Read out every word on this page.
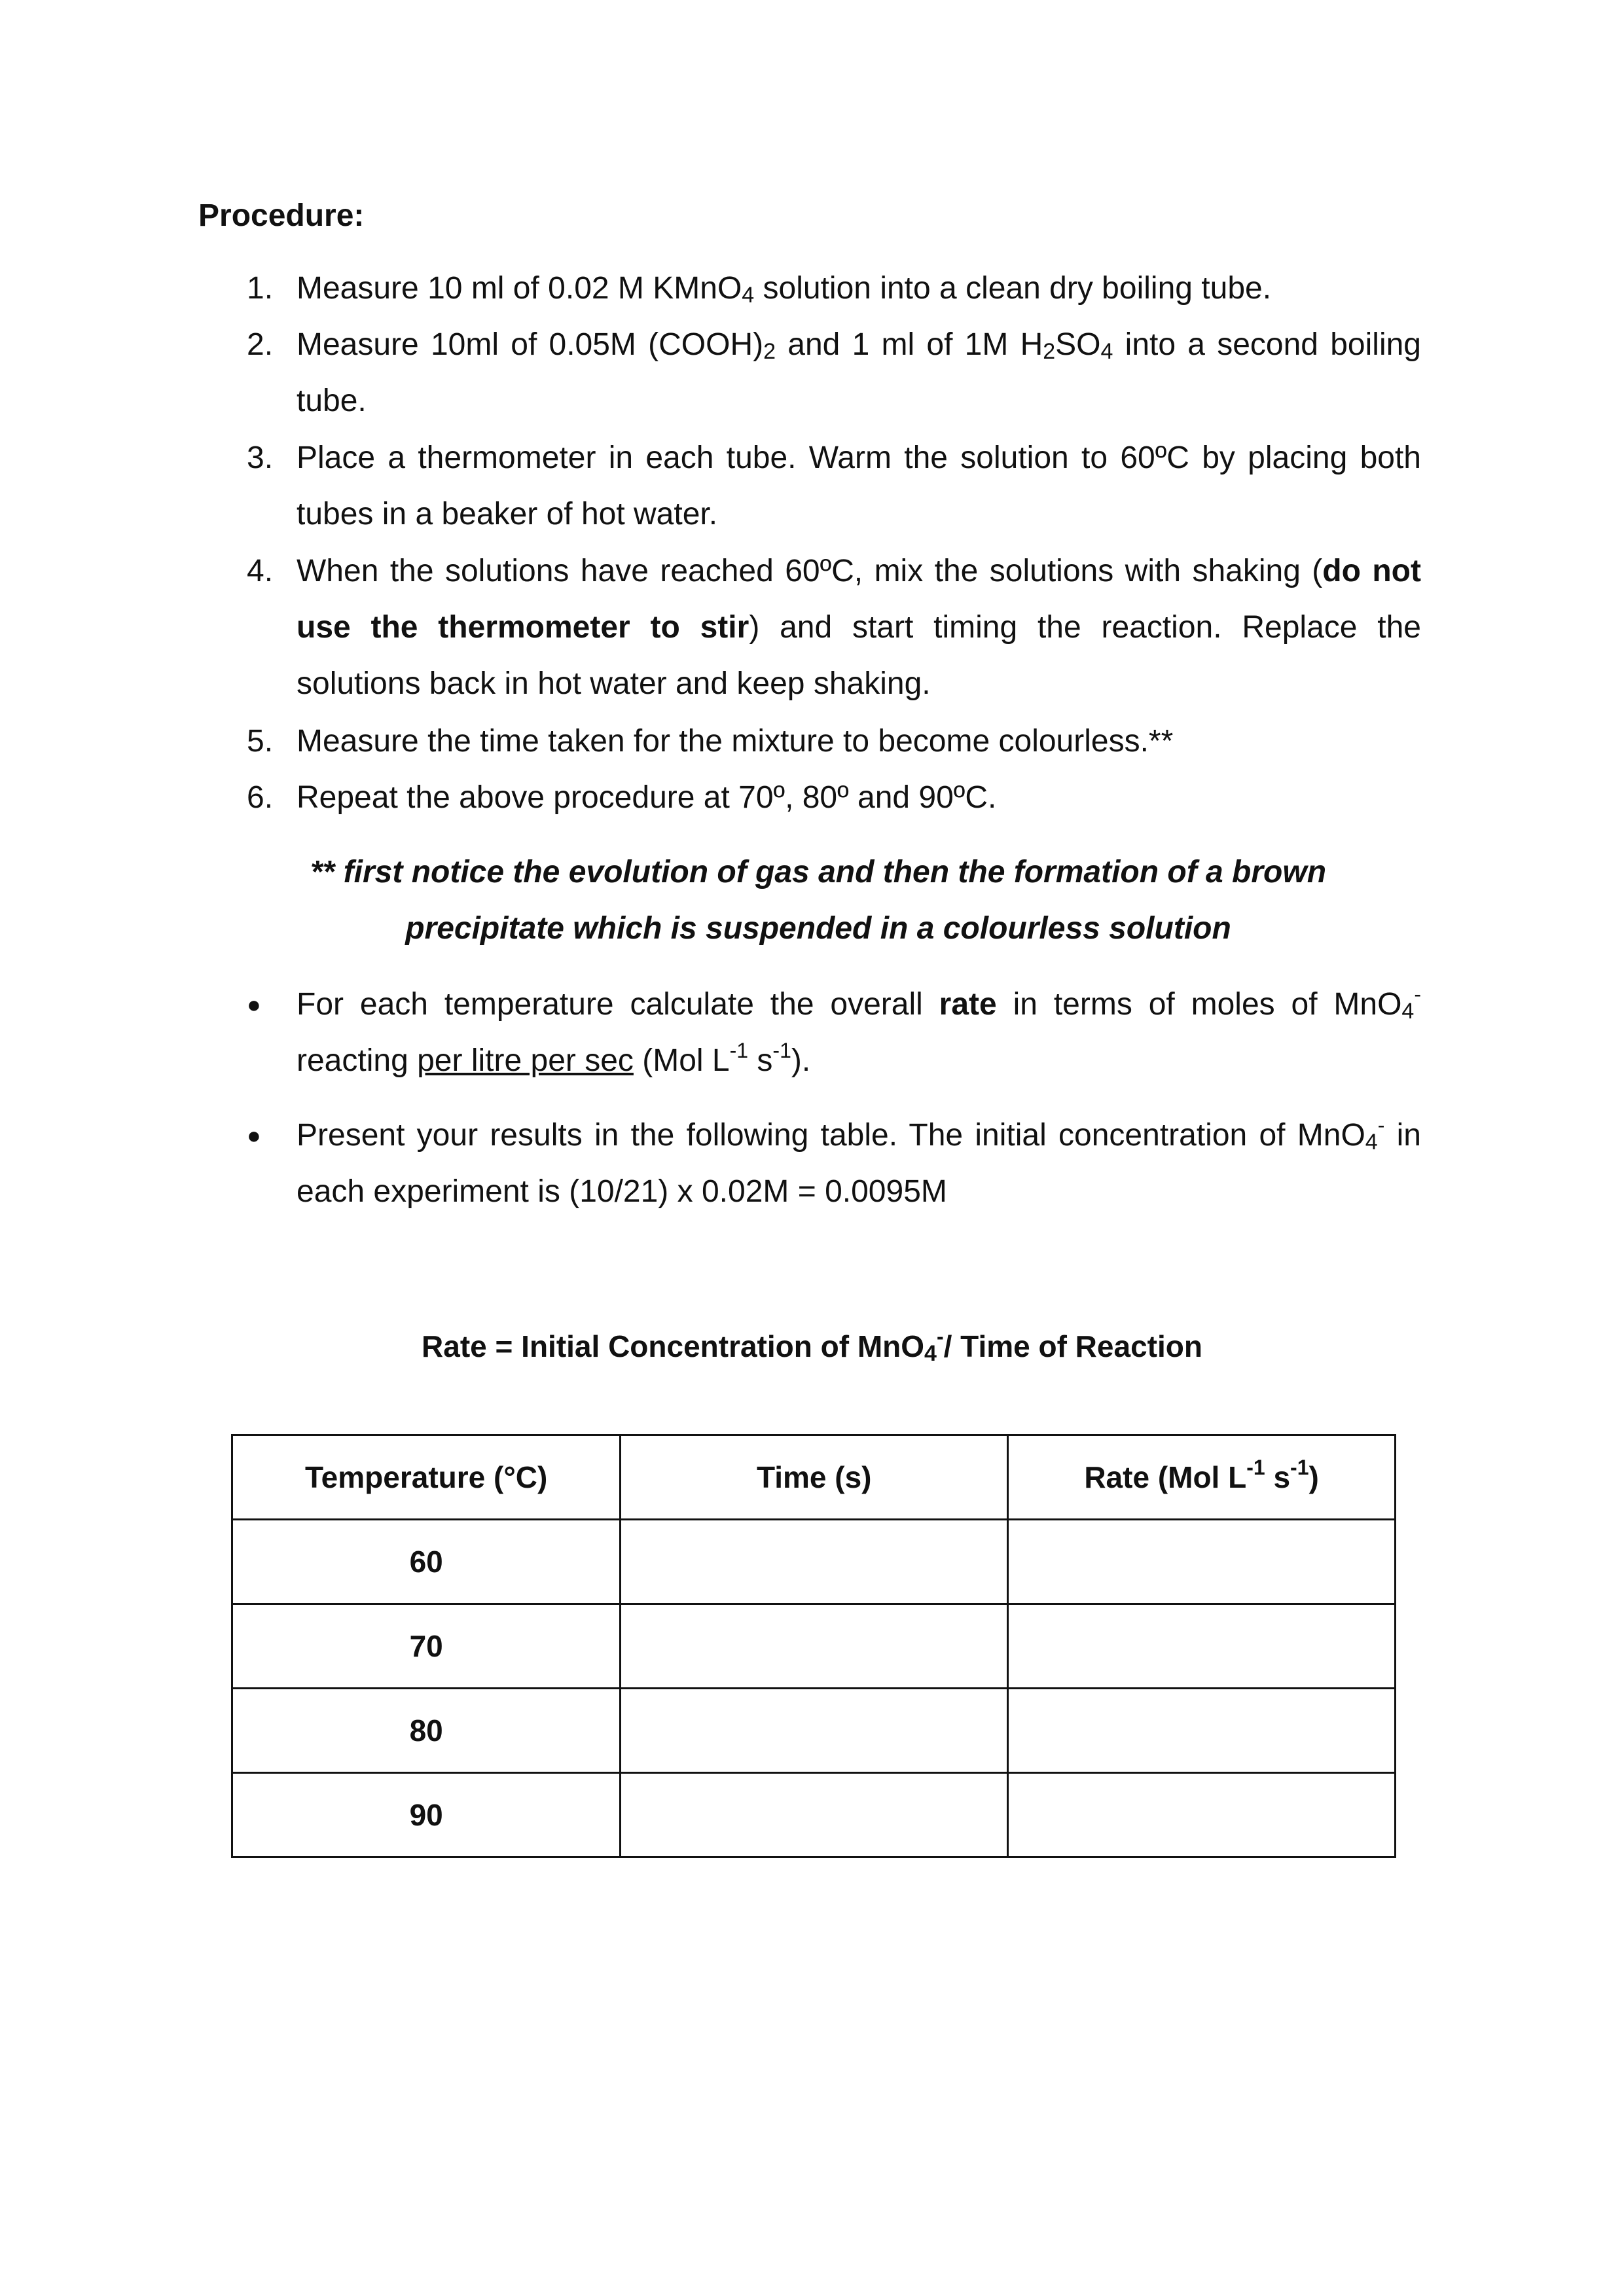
Procedure:
1. Measure 10 ml of 0.02 M KMnO$_4$ solution into a clean dry boiling tube.
2. Measure 10ml of 0.05M $(COOH)_2$ and 1 ml of 1M $H_2SO_4$ into a second boiling tube.
3. Place a thermometer in each tube. Warm the solution to 60ºC by placing both tubes in a beaker of hot water.
4. When the solutions have reached 60ºC, mix the solutions with shaking (do not use the thermometer to stir) and start timing the reaction. Replace the solutions back in hot water and keep shaking.
5. Measure the time taken for the mixture to become colourless.**
6. Repeat the above procedure at 70º, 80º and 90ºC.
** first notice the evolution of gas and then the formation of a brown precipitate which is suspended in a colourless solution
● For each temperature calculate the overall rate in terms of moles of MnO$_4$- reacting per litre per sec (Mol $L^{-1}$ $s^{-1}$).
● Present your results in the following table. The initial concentration of MnO$_4$- in each experiment is (10/21) x 0.02M = 0.0095M
Rate = Initial Concentration of MnO$_4$-/ Time of Reaction
Temperature (°C)	Time (s)	Rate (Mol $L^{-1}$ $s^{-1}$)
60		
70		
80		
90		
